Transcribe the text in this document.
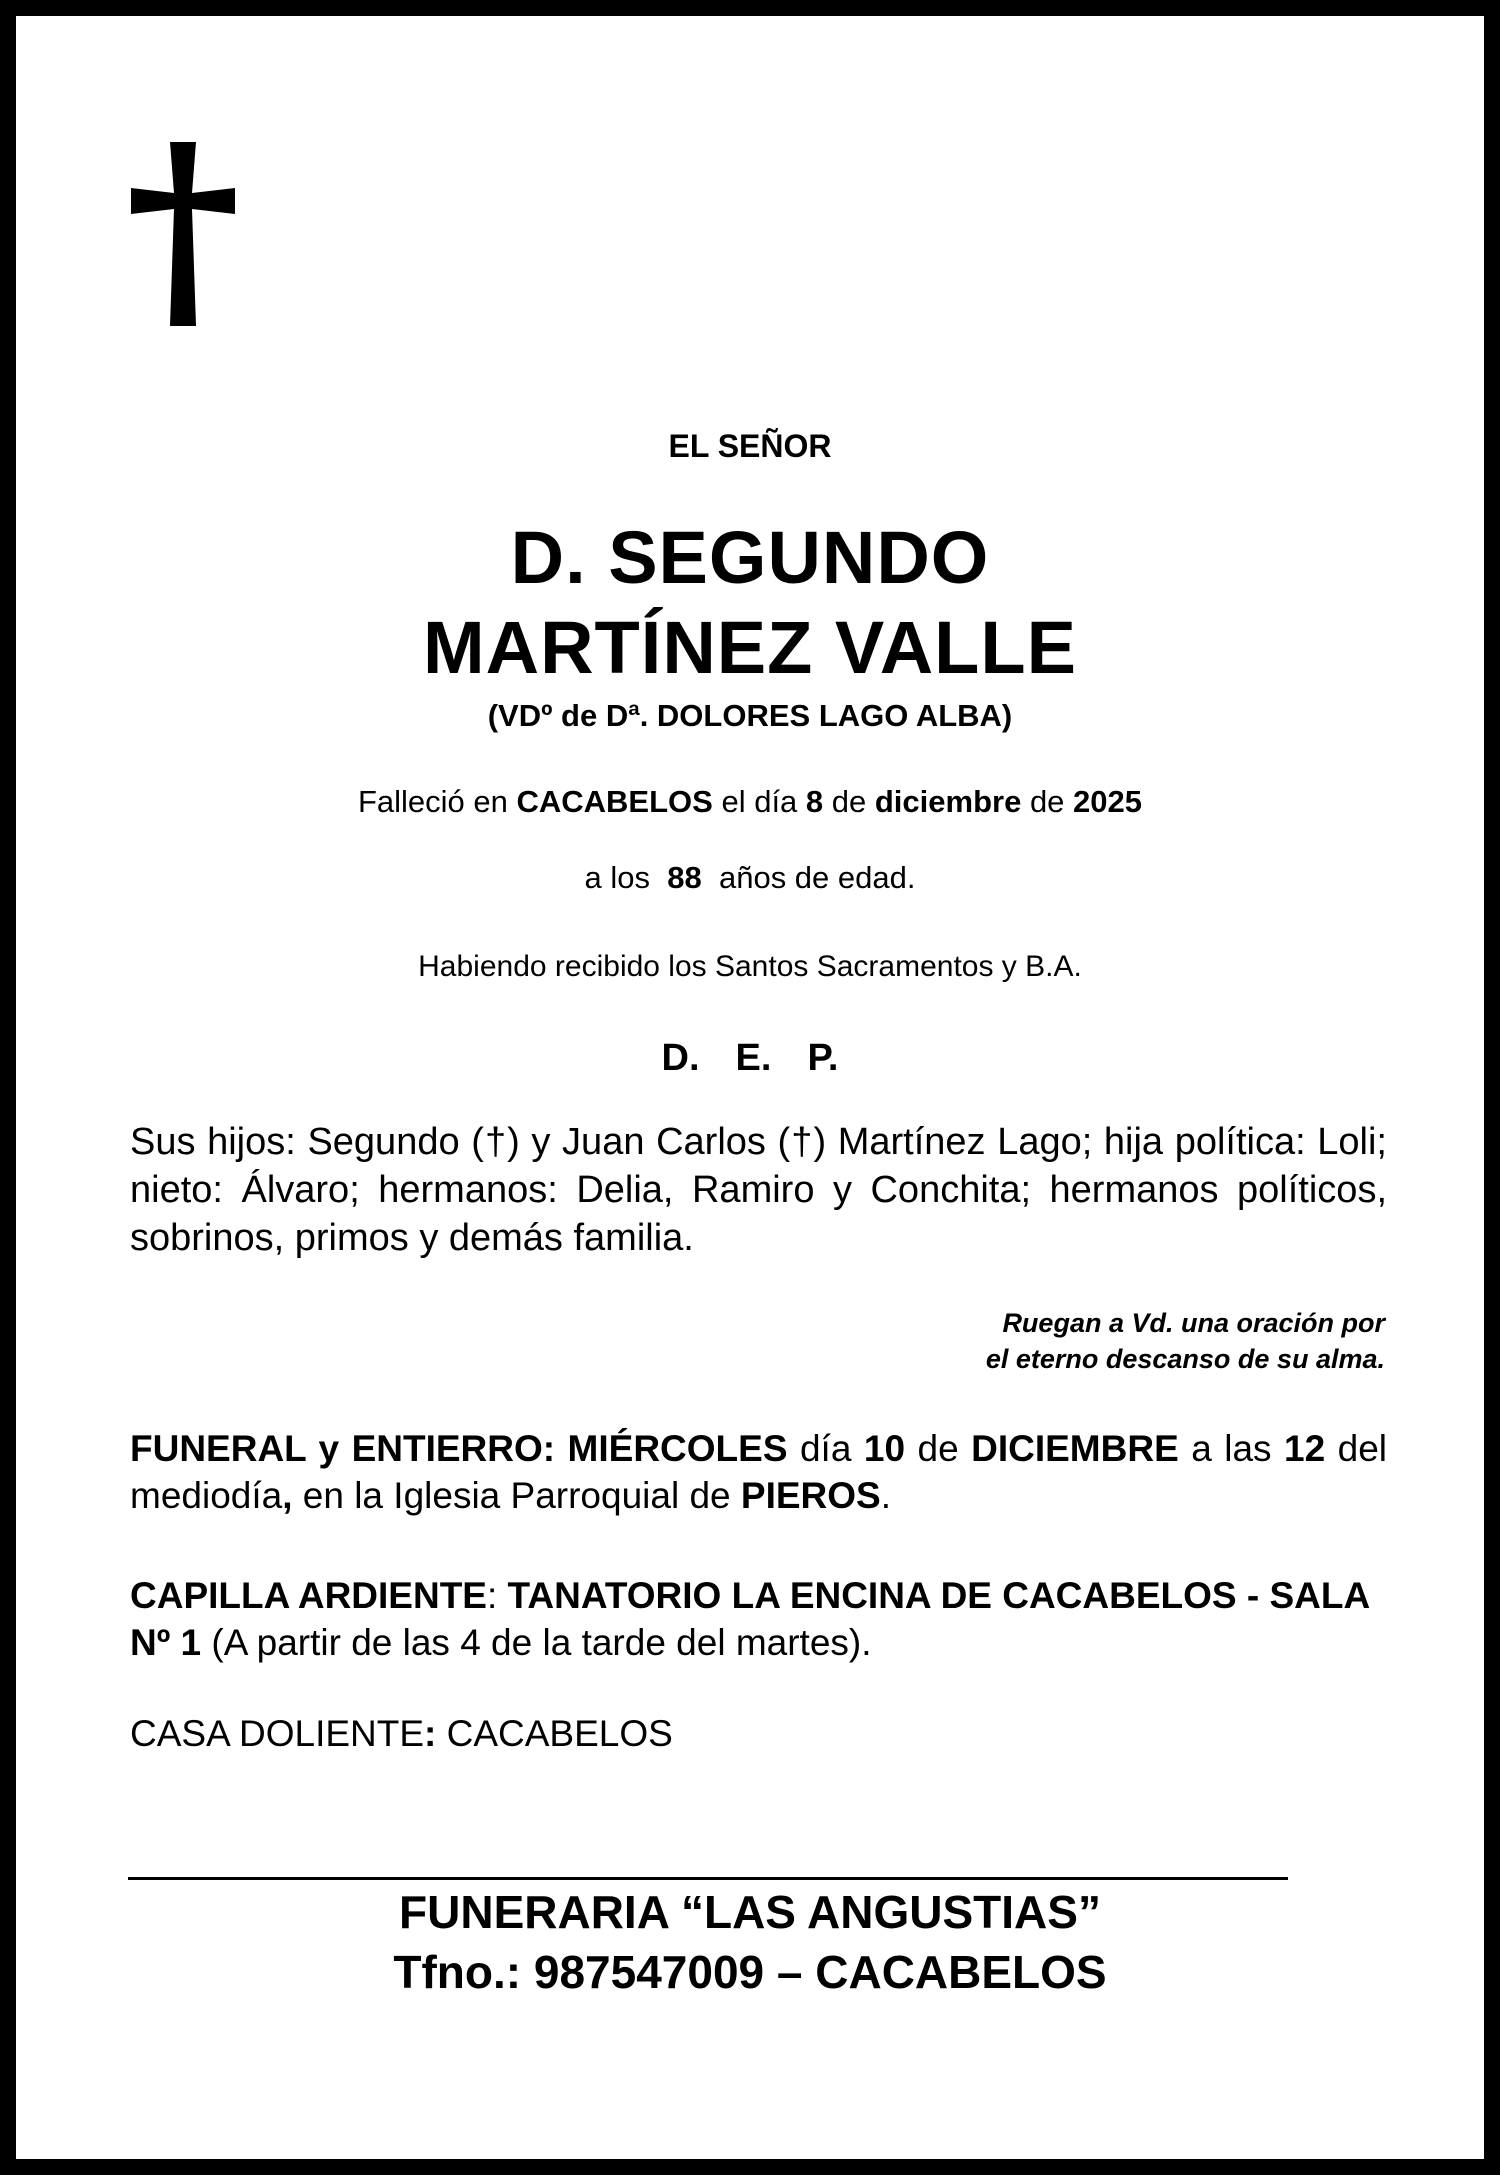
EL SEÑOR
D. SEGUNDO
MARTÍNEZ VALLE
(VDº de Dª. DOLORES LAGO ALBA)
Falleció en CACABELOS el día 8 de diciembre de 2025
a los  88  años de edad.
Habiendo recibido los Santos Sacramentos y B.A.
D. E. P.
Sus hijos: Segundo (†) y Juan Carlos (†) Martínez Lago; hija política: Loli; nieto: Álvaro; hermanos: Delia, Ramiro y Conchita; hermanos políticos, sobrinos, primos y demás familia.
Ruegan a Vd. una oración por
el eterno descanso de su alma.
FUNERAL y ENTIERRO: MIÉRCOLES día 10 de DICIEMBRE a las 12 del mediodía, en la Iglesia Parroquial de PIEROS.
CAPILLA ARDIENTE: TANATORIO LA ENCINA DE CACABELOS - SALA Nº 1 (A partir de las 4 de la tarde del martes).
CASA DOLIENTE: CACABELOS
FUNERARIA “LAS ANGUSTIAS”
Tfno.: 987547009 – CACABELOS
